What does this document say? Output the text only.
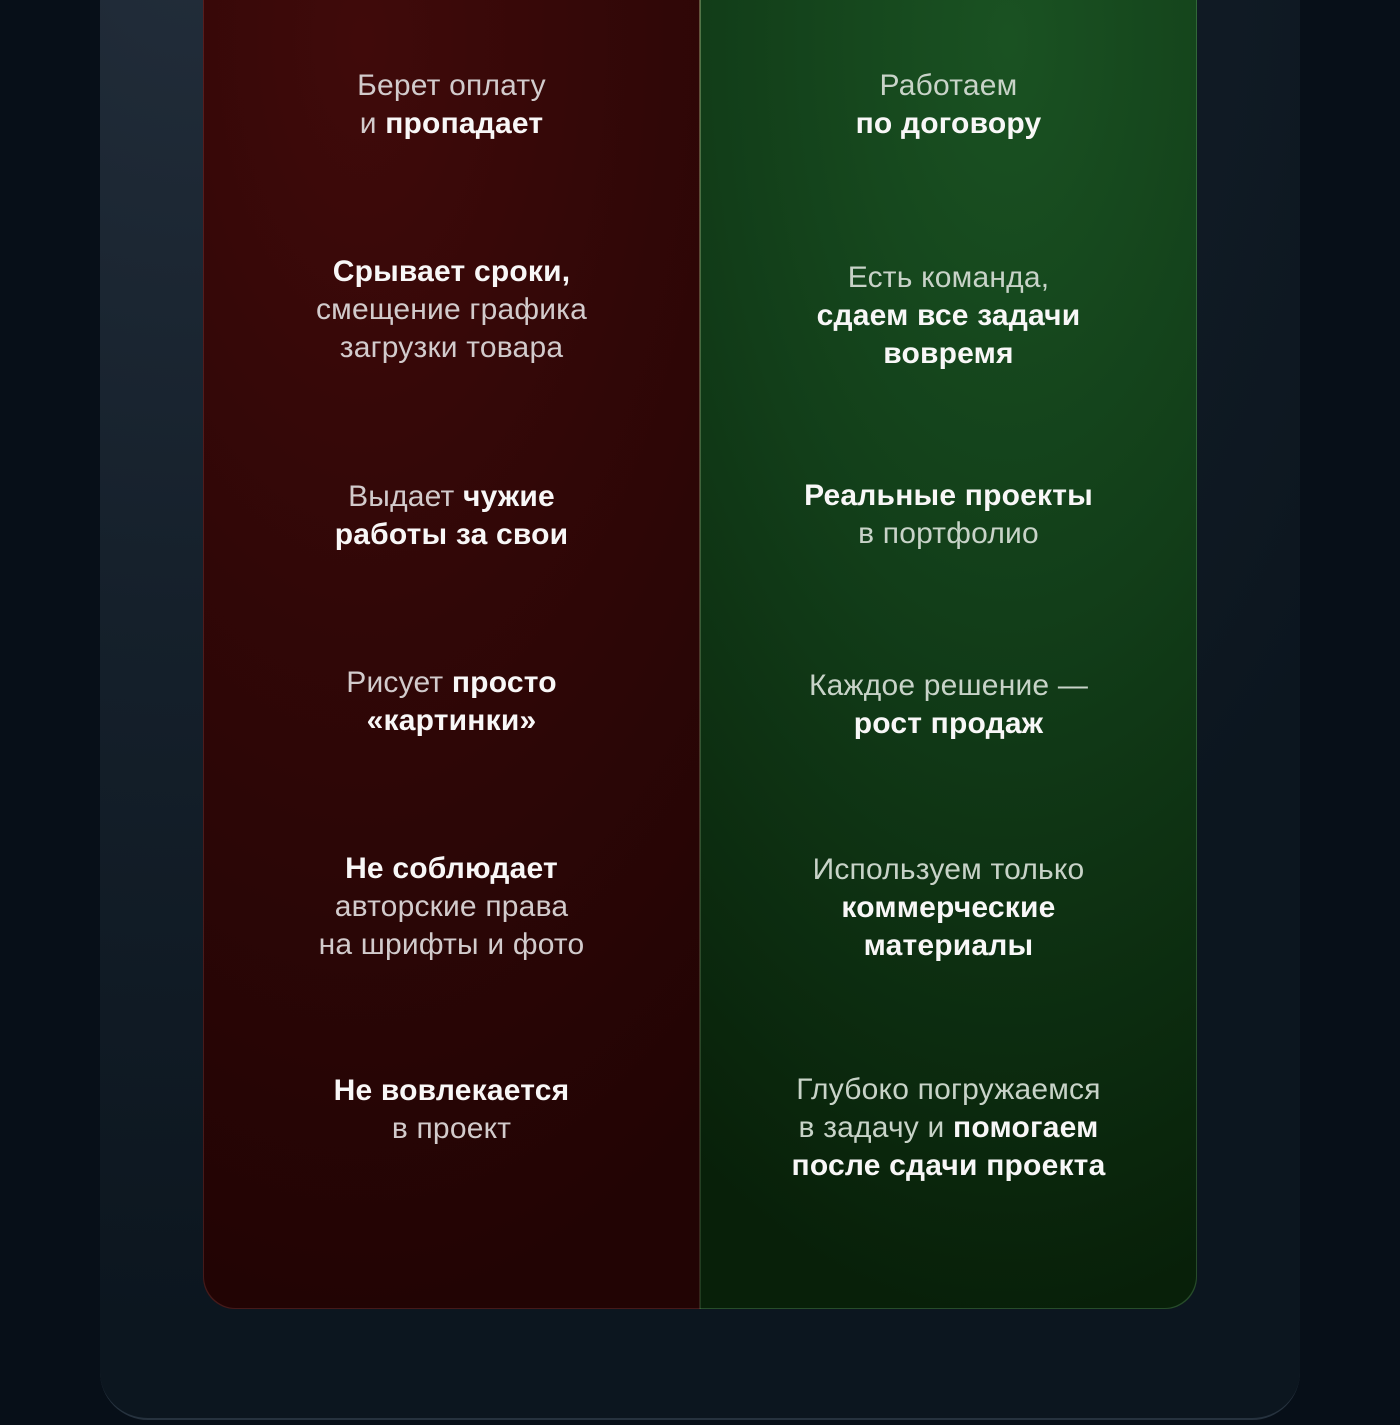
Берет оплату
и пропадает
Срывает сроки,
смещение графика
загрузки товара
Выдает чужие
работы за свои
Рисует просто
«картинки»
Не соблюдает
авторские права
на шрифты и фото
Не вовлекается
в проект
Работаем
по договору
Есть команда,
сдаем все задачи
вовремя
Реальные проекты
в портфолио
Каждое решение —
рост продаж
Используем только
коммерческие
материалы
Глубоко погружаемся
в задачу и помогаем
после сдачи проекта
